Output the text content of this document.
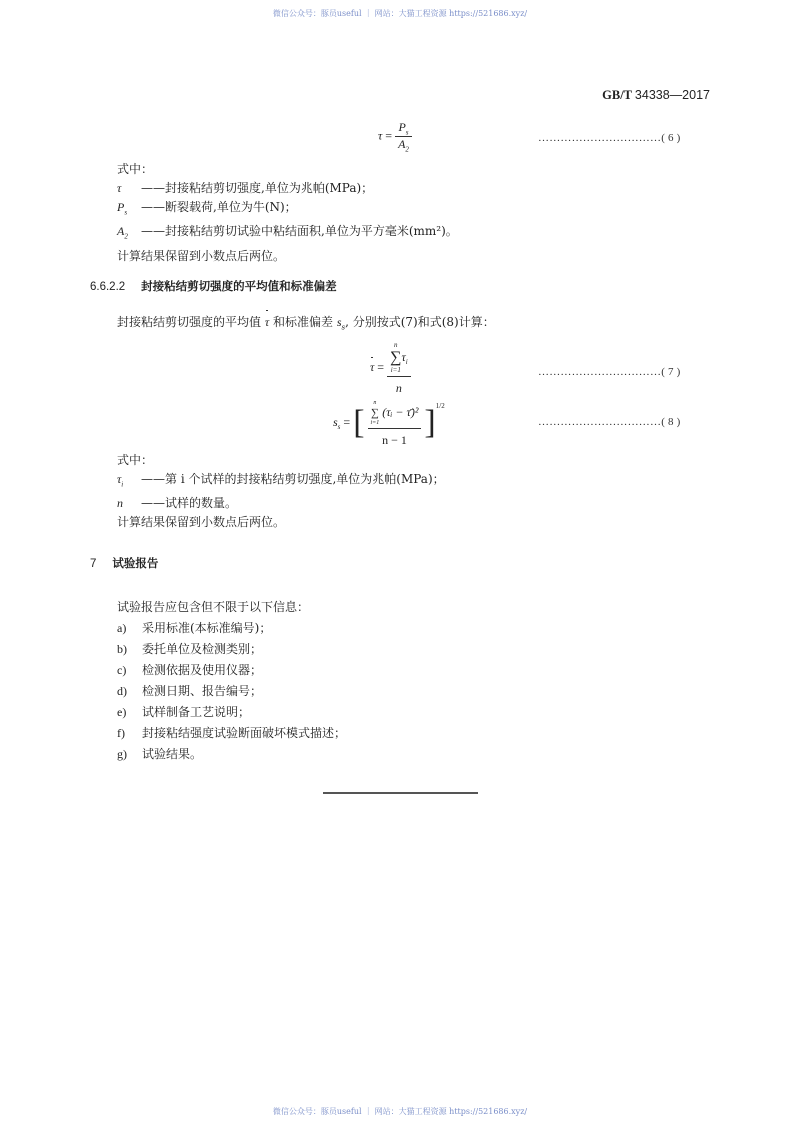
微信公众号：豚员useful ｜ 网站：大猫工程资源 https://521686.xyz/
GB/T 34338—2017
$\tau = \frac{P_s}{A_2}$	……………………………( 6 )
式中：
τ ——封接粘结剪切强度,单位为兆帕(MPa)；
$P_s$ ——断裂载荷,单位为牛(N)；
$A_2$ ——封接粘结剪切试验中粘结面积,单位为平方毫米(mm²)。
计算结果保留到小数点后两位。
6.6.2.2 封接粘结剪切强度的平均值和标准偏差
封接粘结剪切强度的平均值 τ 和标准偏差 $s_s$, 分别按式(7)和式(8)计算：
τ = n
∑
i=1
$\tau_i$
n	……………………………( 7 )
$s_s$ = [ n
∑
i=1
(τᵢ − τ̄)²
n − 1 ]$^{1/2}$
……………………………( 8 )
式中：
$\tau_i$ ——第 i 个试样的封接粘结剪切强度,单位为兆帕(MPa)；
n ——试样的数量。
计算结果保留到小数点后两位。
7 试验报告
试验报告应包含但不限于以下信息：
a) 采用标准(本标准编号)；
b) 委托单位及检测类别；
c) 检测依据及使用仪器；
d) 检测日期、报告编号；
e) 试样制备工艺说明；
f) 封接粘结强度试验断面破坏模式描述；
g) 试验结果。
微信公众号：豚员useful ｜ 网站：大猫工程资源 https://521686.xyz/
